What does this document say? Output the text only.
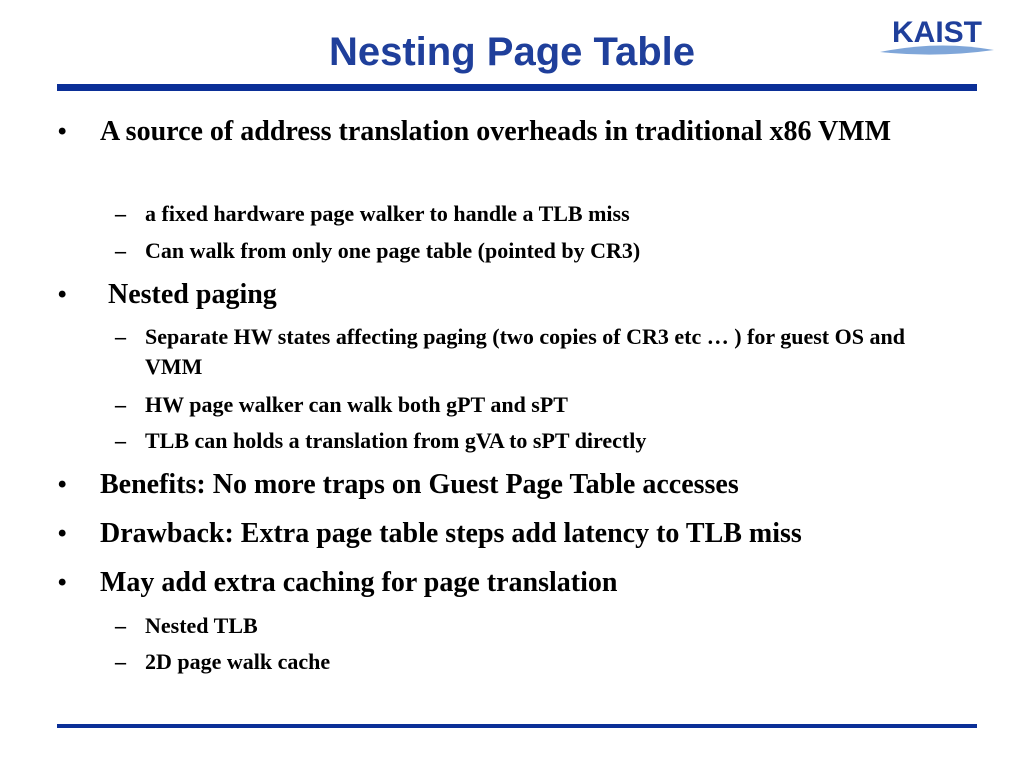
Nesting Page Table	KAIST
• A source of address translation overheads in traditional x86 VMM
– a fixed hardware page walker to handle a TLB miss
– Can walk from only one page table (pointed by CR3)
• Nested paging
– Separate HW states affecting paging (two copies of CR3 etc … ) for guest OS and VMM
– HW page walker can walk both gPT and sPT
– TLB can holds a translation from gVA to sPT directly
• Benefits: No more traps on Guest Page Table accesses
• Drawback: Extra page table steps add latency to TLB miss
• May add extra caching for page translation
– Nested TLB
– 2D page walk cache
